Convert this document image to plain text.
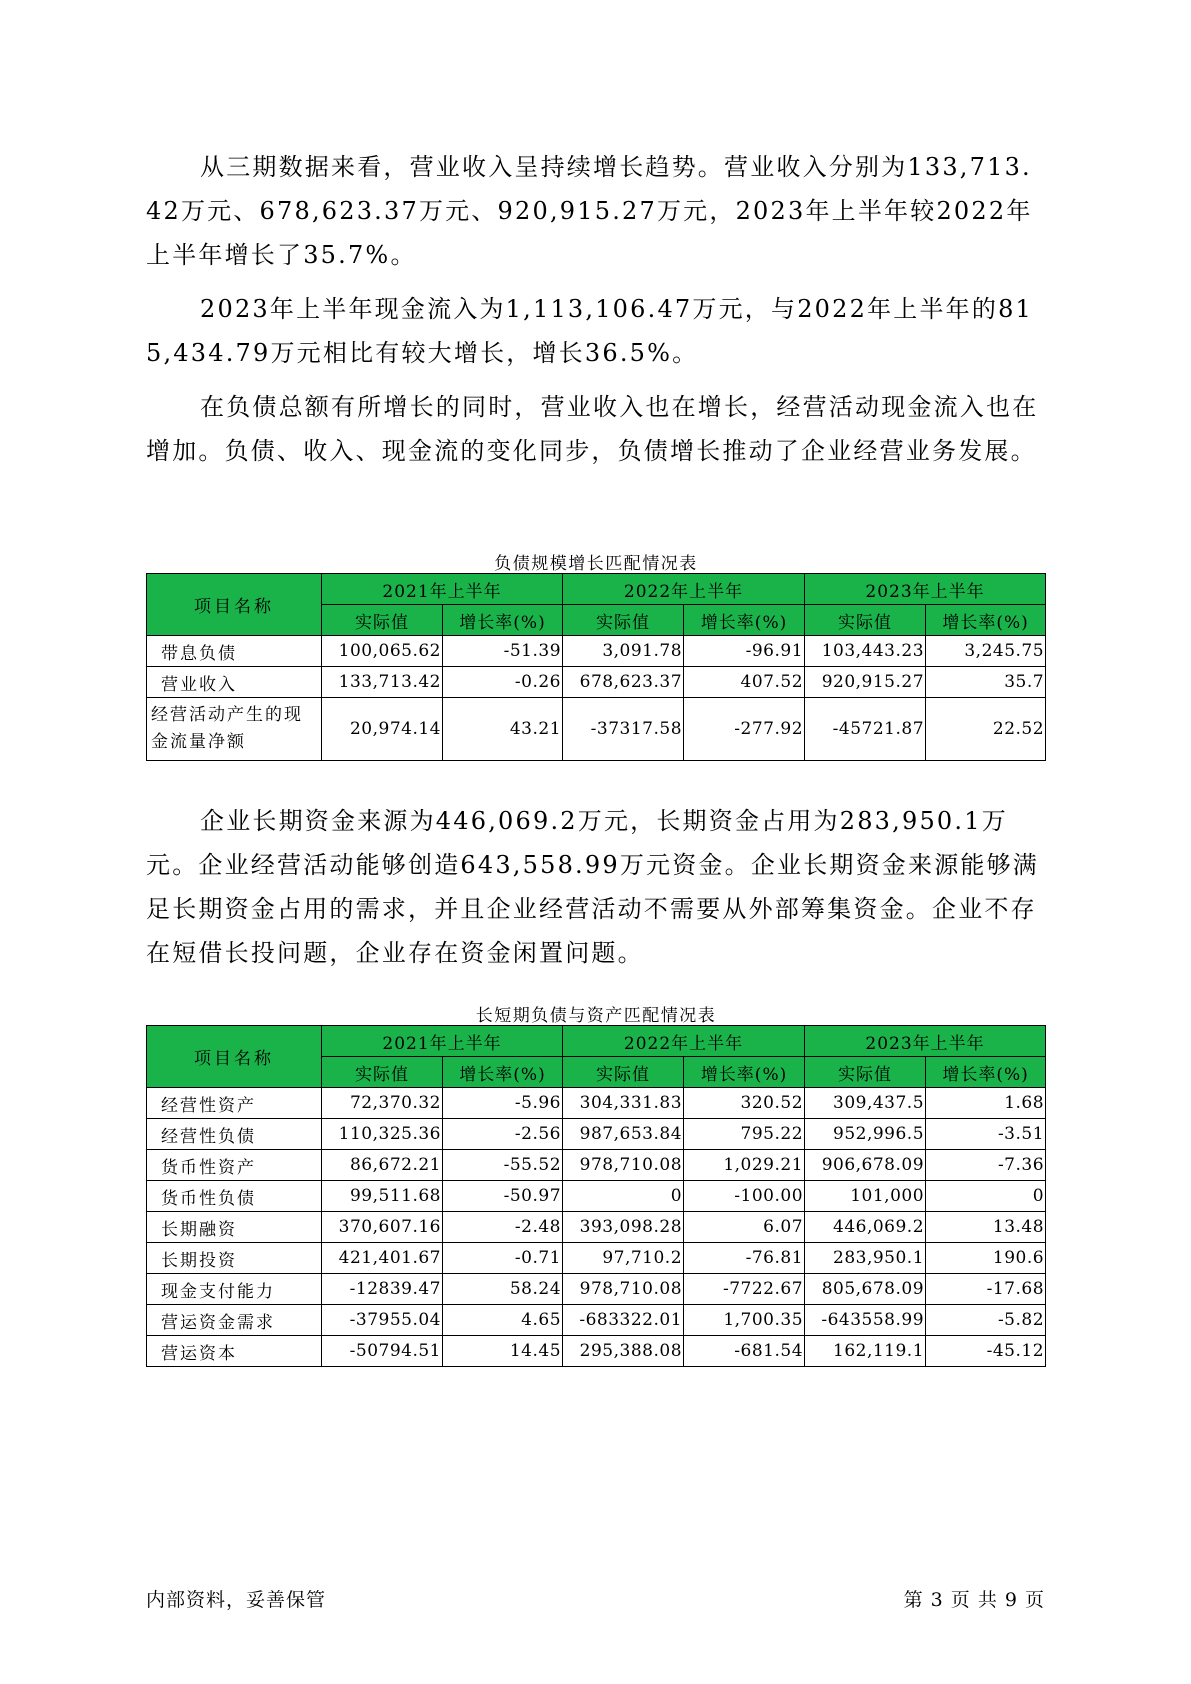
从三期数据来看，营业收入呈持续增长趋势。营业收入分别为133,713.42万元、678,623.37万元、920,915.27万元，2023年上半年较2022年上半年增长了35.7%。

2023年上半年现金流入为1,113,106.47万元，与2022年上半年的815,434.79万元相比有较大增长，增长36.5%。

在负债总额有所增长的同时，营业收入也在增长，经营活动现金流入也在增加。负债、收入、现金流的变化同步，负债增长推动了企业经营业务发展。

负债规模增长匹配情况表
项目名称	2021年上半年		2022年上半年		2023年上半年	
	实际值	增长率(%)	实际值	增长率(%)	实际值	增长率(%)
带息负债	100,065.62	-51.39	3,091.78	-96.91	103,443.23	3,245.75
营业收入	133,713.42	-0.26	678,623.37	407.52	920,915.27	35.7
经营活动产生的现金流量净额	20,974.14	43.21	-37317.58	-277.92	-45721.87	22.52

企业长期资金来源为446,069.2万元，长期资金占用为283,950.1万元。企业经营活动能够创造643,558.99万元资金。企业长期资金来源能够满足长期资金占用的需求，并且企业经营活动不需要从外部筹集资金。企业不存在短借长投问题，企业存在资金闲置问题。

长短期负债与资产匹配情况表
项目名称	2021年上半年		2022年上半年		2023年上半年	
	实际值	增长率(%)	实际值	增长率(%)	实际值	增长率(%)
经营性资产	72,370.32	-5.96	304,331.83	320.52	309,437.5	1.68
经营性负债	110,325.36	-2.56	987,653.84	795.22	952,996.5	-3.51
货币性资产	86,672.21	-55.52	978,710.08	1,029.21	906,678.09	-7.36
货币性负债	99,511.68	-50.97	0	-100.00	101,000	0
长期融资	370,607.16	-2.48	393,098.28	6.07	446,069.2	13.48
长期投资	421,401.67	-0.71	97,710.2	-76.81	283,950.1	190.6
现金支付能力	-12839.47	58.24	978,710.08	-7722.67	805,678.09	-17.68
营运资金需求	-37955.04	4.65	-683322.01	1,700.35	-643558.99	-5.82
营运资本	-50794.51	14.45	295,388.08	-681.54	162,119.1	-45.12
内部资料，妥善保管	第 3 页 共 9 页
